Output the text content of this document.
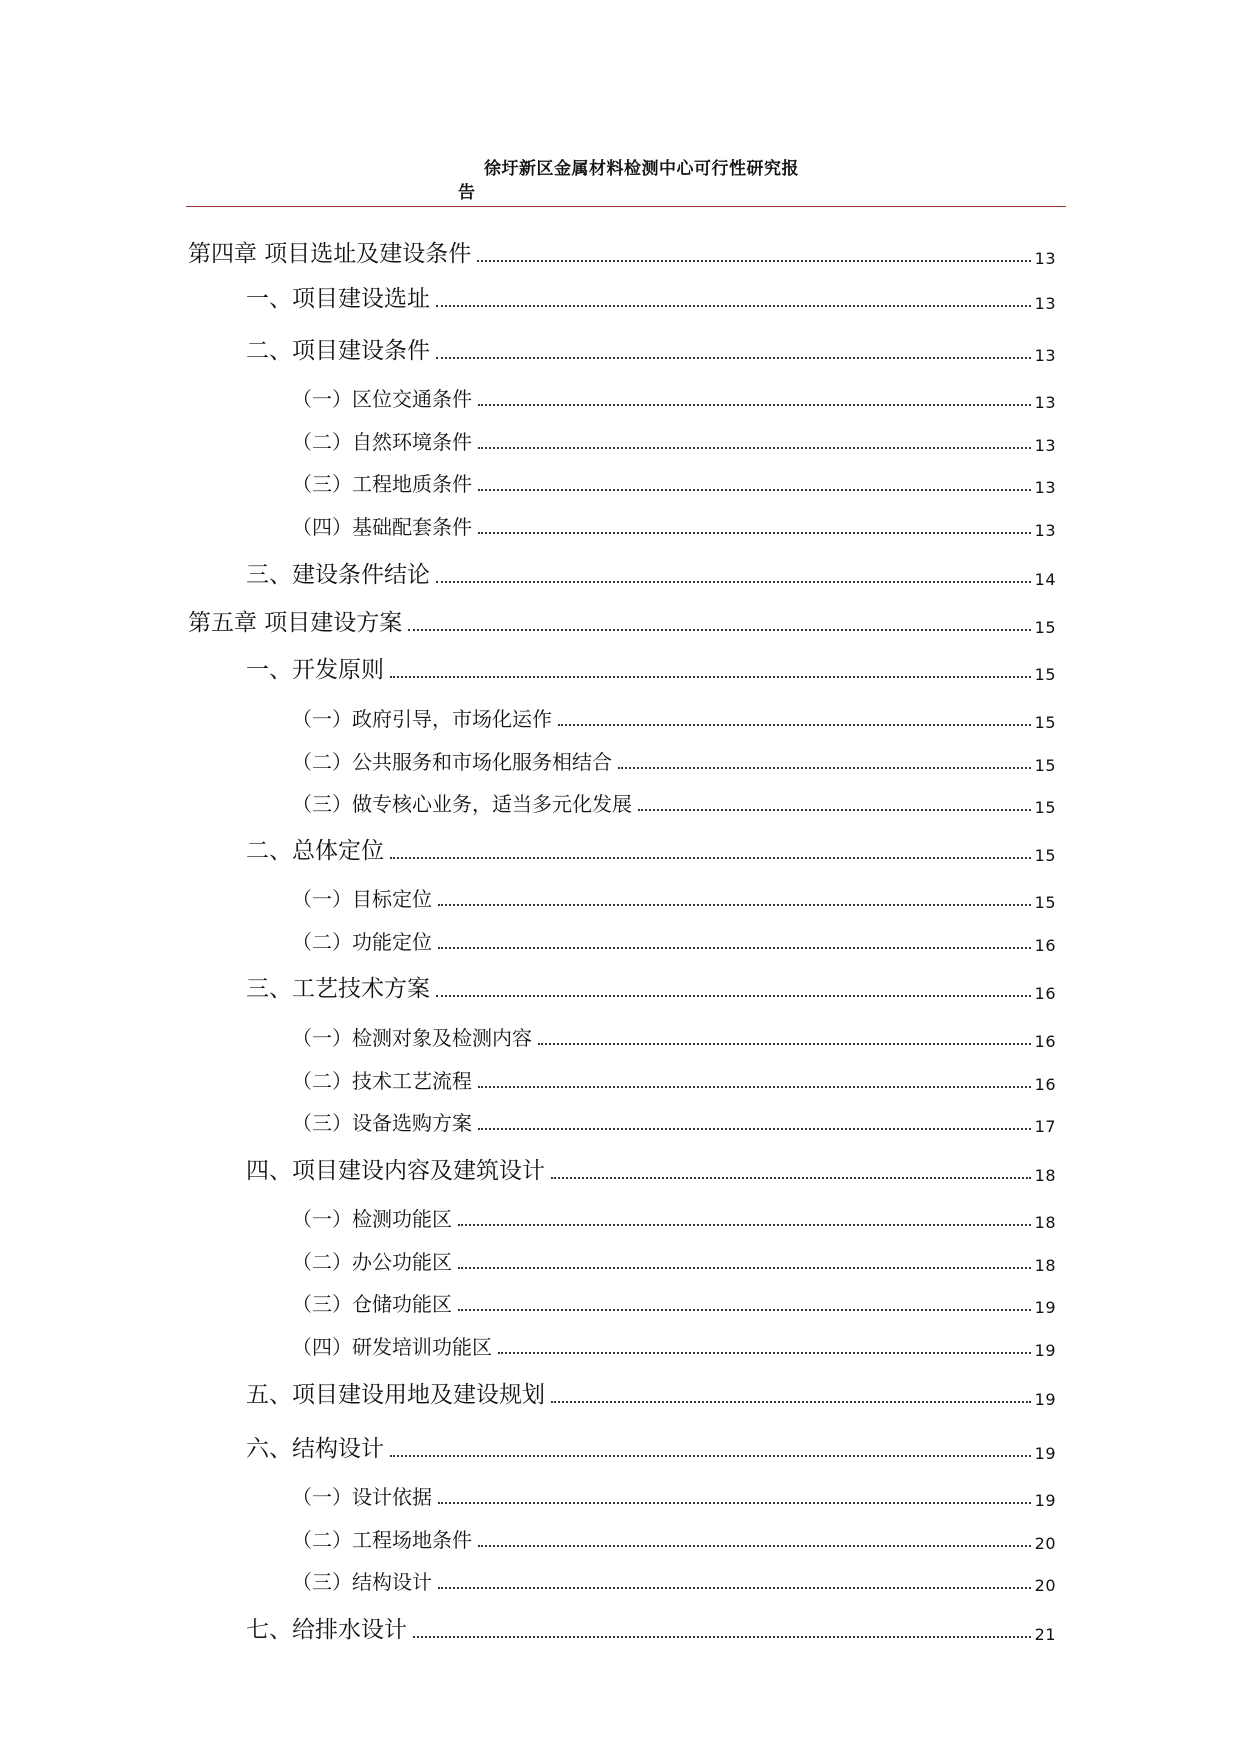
徐圩新区金属材料检测中心可行性研究报
告
第四章 项目选址及建设条件	13
一、项目建设选址	13
二、项目建设条件	13
（一）区位交通条件	13
（二）自然环境条件	13
（三）工程地质条件	13
（四）基础配套条件	13
三、建设条件结论	14
第五章 项目建设方案	15
一、开发原则	15
（一）政府引导，市场化运作	15
（二）公共服务和市场化服务相结合	15
（三）做专核心业务，适当多元化发展	15
二、总体定位	15
（一）目标定位	15
（二）功能定位	16
三、工艺技术方案	16
（一）检测对象及检测内容	16
（二）技术工艺流程	16
（三）设备选购方案	17
四、项目建设内容及建筑设计	18
（一）检测功能区	18
（二）办公功能区	18
（三）仓储功能区	19
（四）研发培训功能区	19
五、项目建设用地及建设规划	19
六、结构设计	19
（一）设计依据	19
（二）工程场地条件	20
（三）结构设计	20
七、给排水设计	21
